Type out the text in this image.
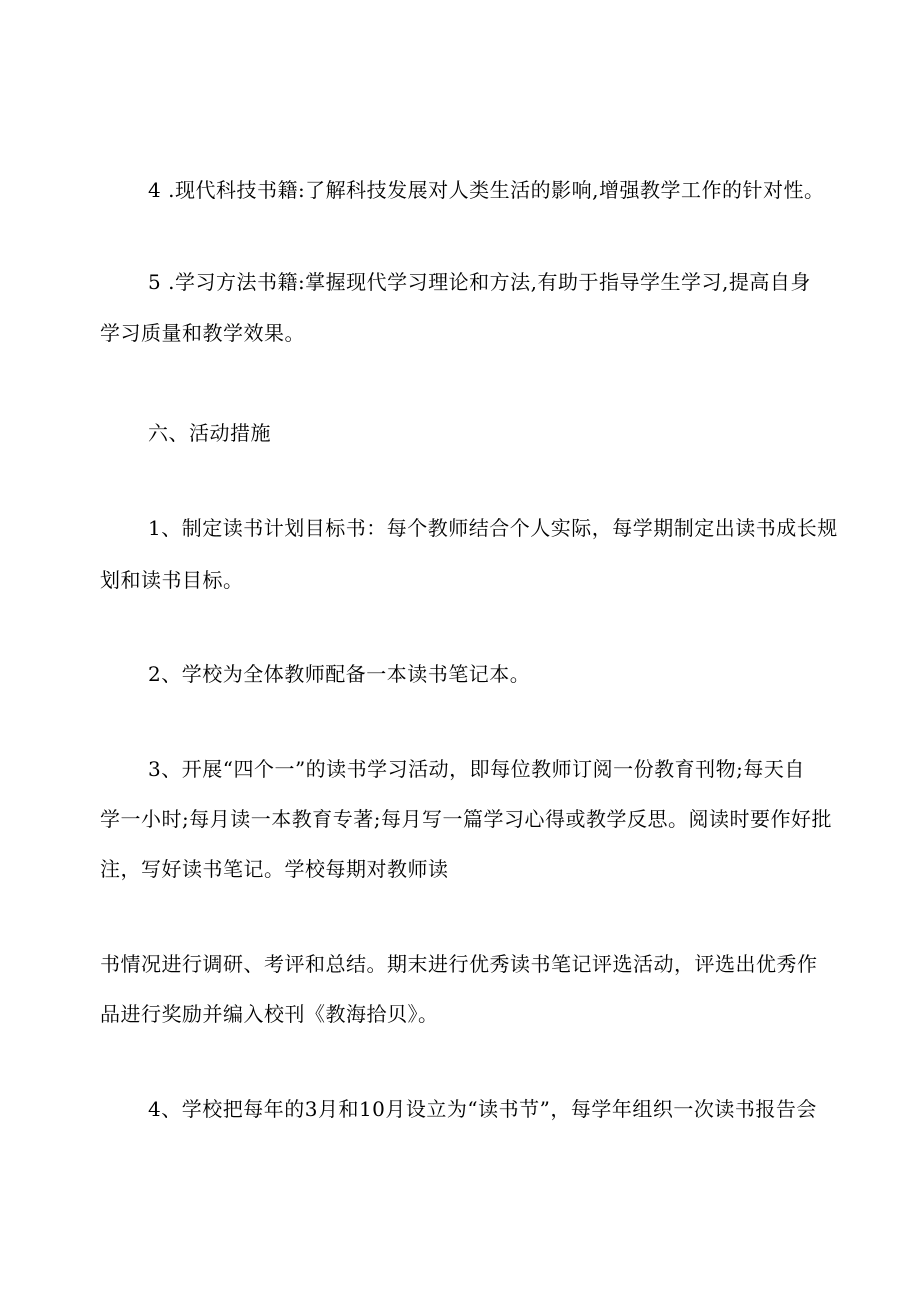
4 .现代科技书籍:了解科技发展对人类生活的影响,增强教学工作的针对性。
5 .学习方法书籍:掌握现代学习理论和方法,有助于指导学生学习,提高自身
学习质量和教学效果。
六、活动措施
1、制定读书计划目标书：每个教师结合个人实际，每学期制定出读书成长规
划和读书目标。
2、学校为全体教师配备一本读书笔记本。
3、开展“四个一”的读书学习活动，即每位教师订阅一份教育刊物;每天自
学一小时;每月读一本教育专著;每月写一篇学习心得或教学反思。阅读时要作好批
注，写好读书笔记。学校每期对教师读
书情况进行调研、考评和总结。期末进行优秀读书笔记评选活动，评选出优秀作
品进行奖励并编入校刊《教海拾贝》。
4、学校把每年的3月和10月设立为“读书节”，每学年组织一次读书报告会
